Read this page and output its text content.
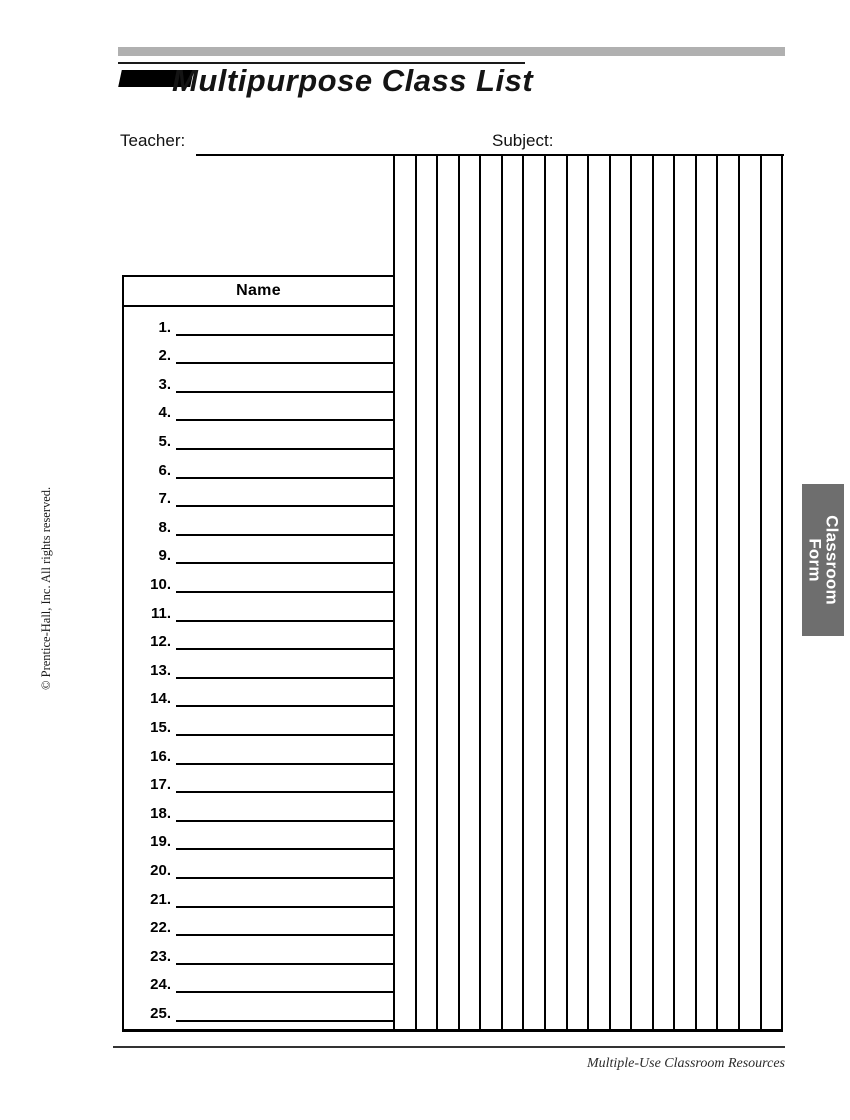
Multipurpose Class List
Teacher:	Subject:
Name
1.
2.
3.
4.
5.
6.
7.
8.
9.
10.
11.
12.
13.
14.
15.
16.
17.
18.
19.
20.
21.
22.
23.
24.
25.
Classroom
Form
© Prentice-Hall, Inc. All rights reserved.
Multiple-Use Classroom Resources
